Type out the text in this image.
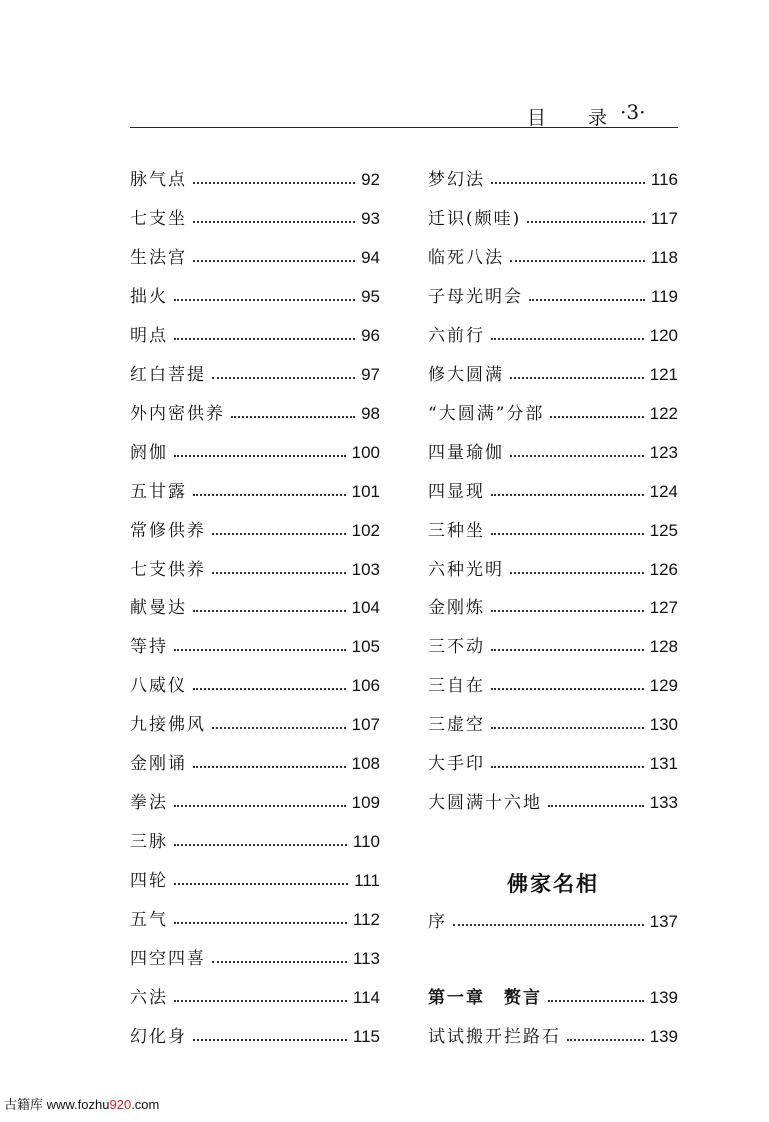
目 录
·3·
脉气点	92
七支坐	93
生法宫	94
拙火	95
明点	96
红白菩提	97
外内密供养	98
阏伽	100
五甘露	101
常修供养	102
七支供养	103
献曼达	104
等持	105
八威仪	106
九接佛风	107
金刚诵	108
拳法	109
三脉	110
四轮	111
五气	112
四空四喜	113
六法	114
幻化身	115
梦幻法	116
迁识(颇哇)	117
临死八法	118
子母光明会	119
六前行	120
修大圆满	121
“大圆满”分部	122
四量瑜伽	123
四显现	124
三种坐	125
六种光明	126
金刚炼	127
三不动	128
三自在	129
三虚空	130
大手印	131
大圆满十六地	133
佛家名相
序	137
第一章　赘言	139
试试搬开拦路石	139
古籍库 www.fozhu920.com
